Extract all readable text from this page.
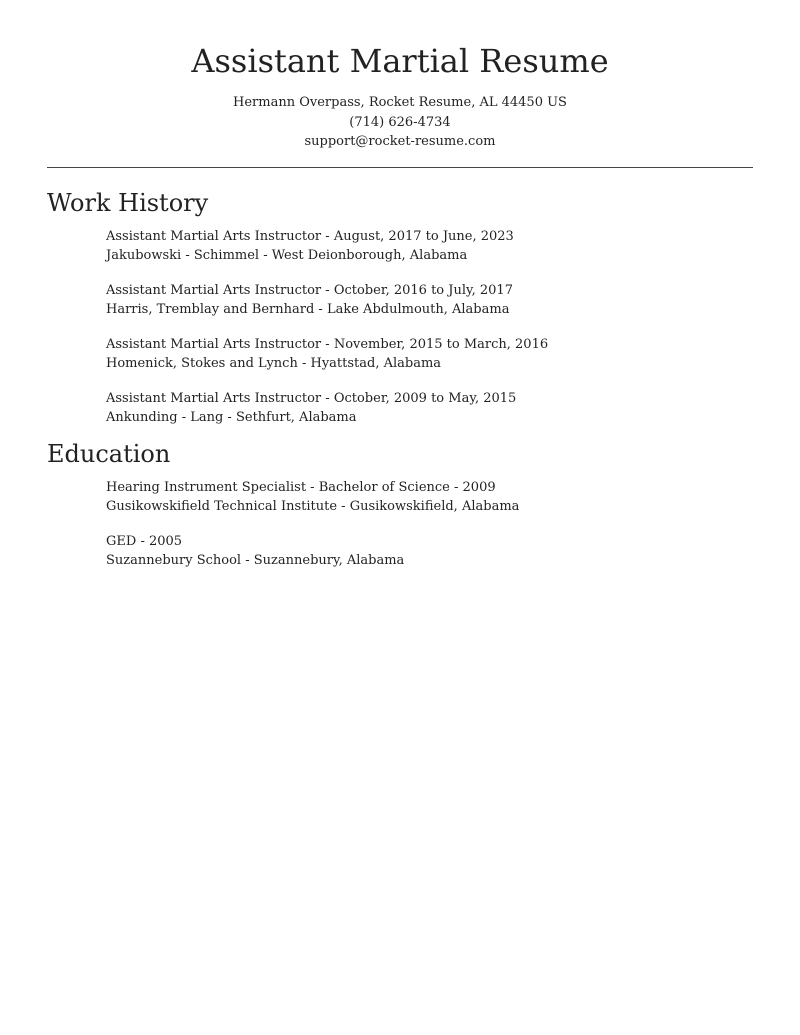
Assistant Martial Resume
Hermann Overpass, Rocket Resume, AL 44450 US
(714) 626-4734
support@rocket-resume.com
Work History
Assistant Martial Arts Instructor - August, 2017 to June, 2023
Jakubowski - Schimmel - West Deionborough, Alabama
Assistant Martial Arts Instructor - October, 2016 to July, 2017
Harris, Tremblay and Bernhard - Lake Abdulmouth, Alabama
Assistant Martial Arts Instructor - November, 2015 to March, 2016
Homenick, Stokes and Lynch - Hyattstad, Alabama
Assistant Martial Arts Instructor - October, 2009 to May, 2015
Ankunding - Lang - Sethfurt, Alabama
Education
Hearing Instrument Specialist - Bachelor of Science - 2009
Gusikowskifield Technical Institute - Gusikowskifield, Alabama
GED - 2005
Suzannebury School - Suzannebury, Alabama
